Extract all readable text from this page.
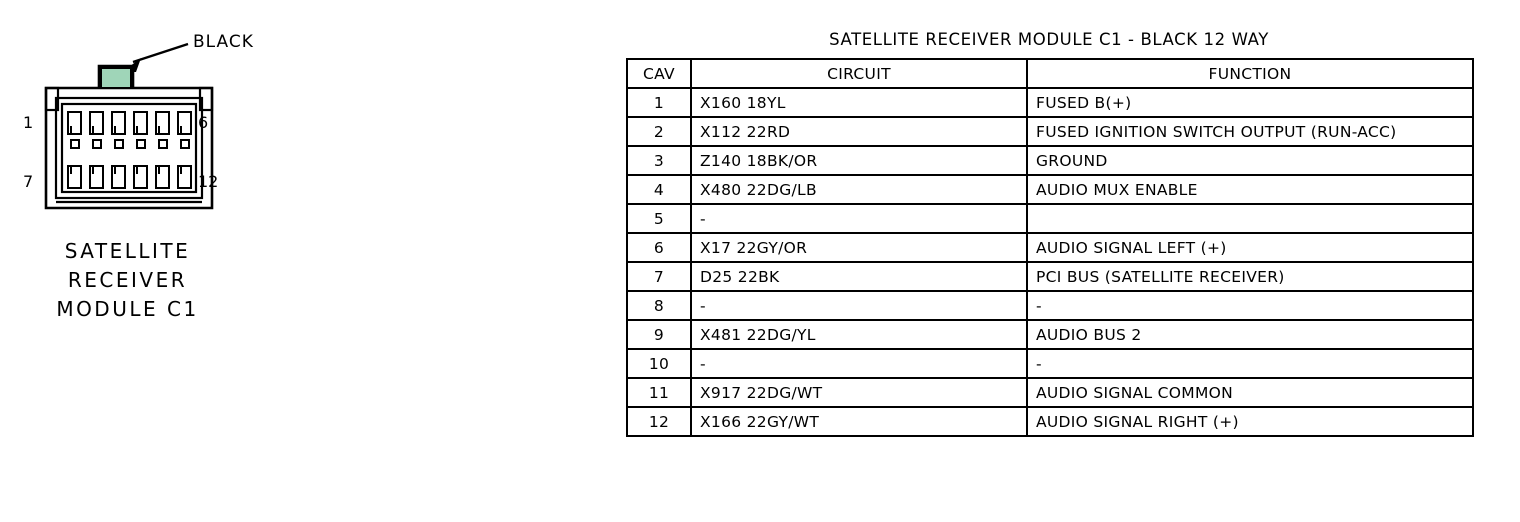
BLACK
1	6
7	12
SATELLITE
RECEIVER
MODULE C1
SATELLITE RECEIVER MODULE C1 - BLACK 12 WAY
CAV	CIRCUIT	FUNCTION
1	X160 18YL	FUSED B(+)
2	X112 22RD	FUSED IGNITION SWITCH OUTPUT (RUN-ACC)
3	Z140 18BK/OR	GROUND
4	X480 22DG/LB	AUDIO MUX ENABLE
5	-	
6	X17 22GY/OR	AUDIO SIGNAL LEFT (+)
7	D25 22BK	PCI BUS (SATELLITE RECEIVER)
8	-	-
9	X481 22DG/YL	AUDIO BUS 2
10	-	-
11	X917 22DG/WT	AUDIO SIGNAL COMMON
12	X166 22GY/WT	AUDIO SIGNAL RIGHT (+)
